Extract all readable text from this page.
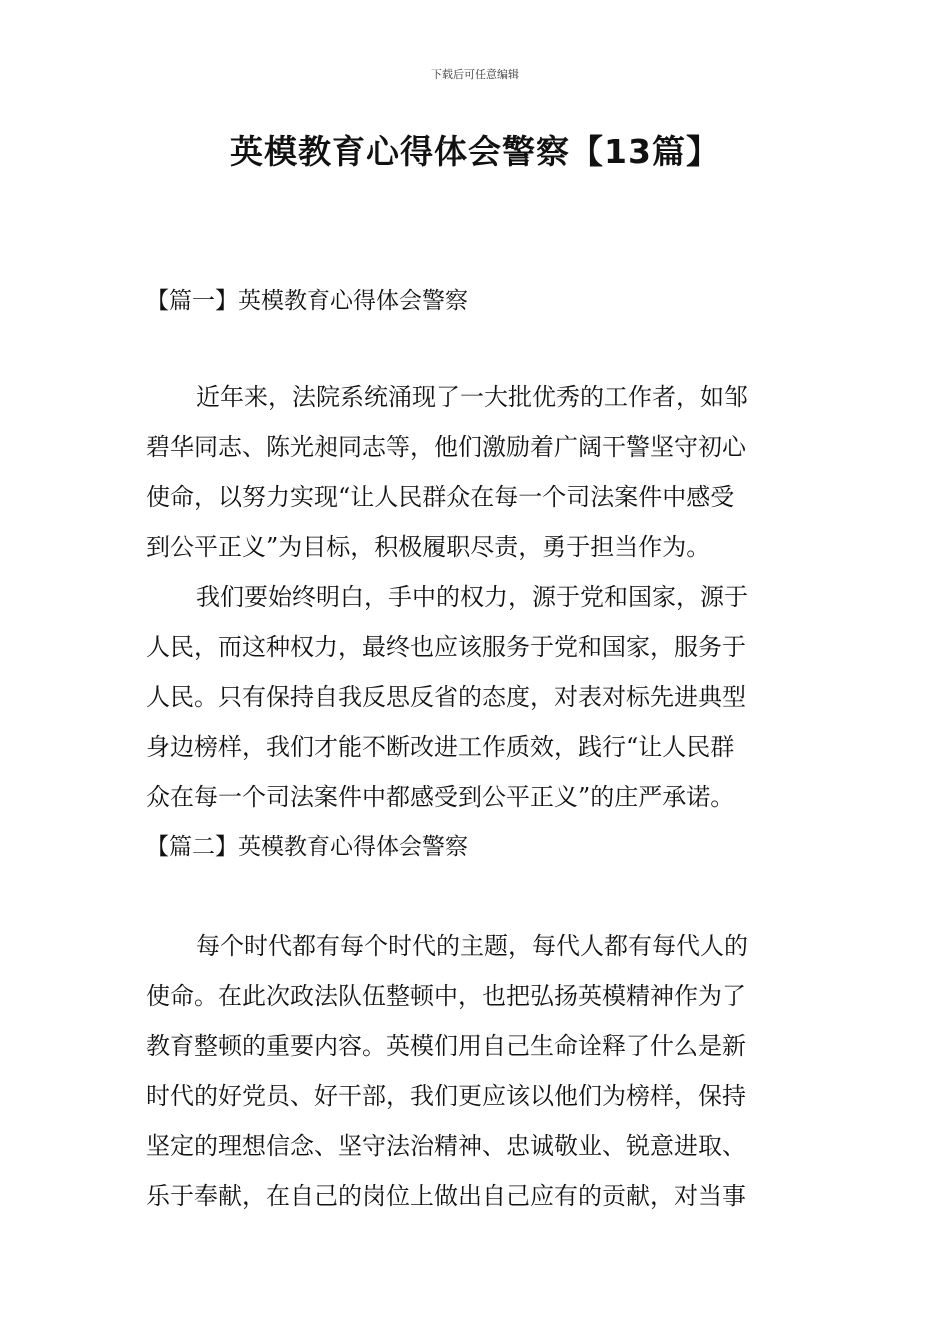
下载后可任意编辑
英模教育心得体会警察【13篇】
【篇一】英模教育心得体会警察
近年来，法院系统涌现了一大批优秀的工作者，如邹
碧华同志、陈光昶同志等，他们激励着广阔干警坚守初心
使命，以努力实现“让人民群众在每一个司法案件中感受
到公平正义”为目标，积极履职尽责，勇于担当作为。
我们要始终明白，手中的权力，源于党和国家，源于
人民，而这种权力，最终也应该服务于党和国家，服务于
人民。只有保持自我反思反省的态度，对表对标先进典型
身边榜样，我们才能不断改进工作质效，践行“让人民群
众在每一个司法案件中都感受到公平正义”的庄严承诺。
【篇二】英模教育心得体会警察
每个时代都有每个时代的主题，每代人都有每代人的
使命。在此次政法队伍整顿中，也把弘扬英模精神作为了
教育整顿的重要内容。英模们用自己生命诠释了什么是新
时代的好党员、好干部，我们更应该以他们为榜样，保持
坚定的理想信念、坚守法治精神、忠诚敬业、锐意进取、
乐于奉献，在自己的岗位上做出自己应有的贡献，对当事
